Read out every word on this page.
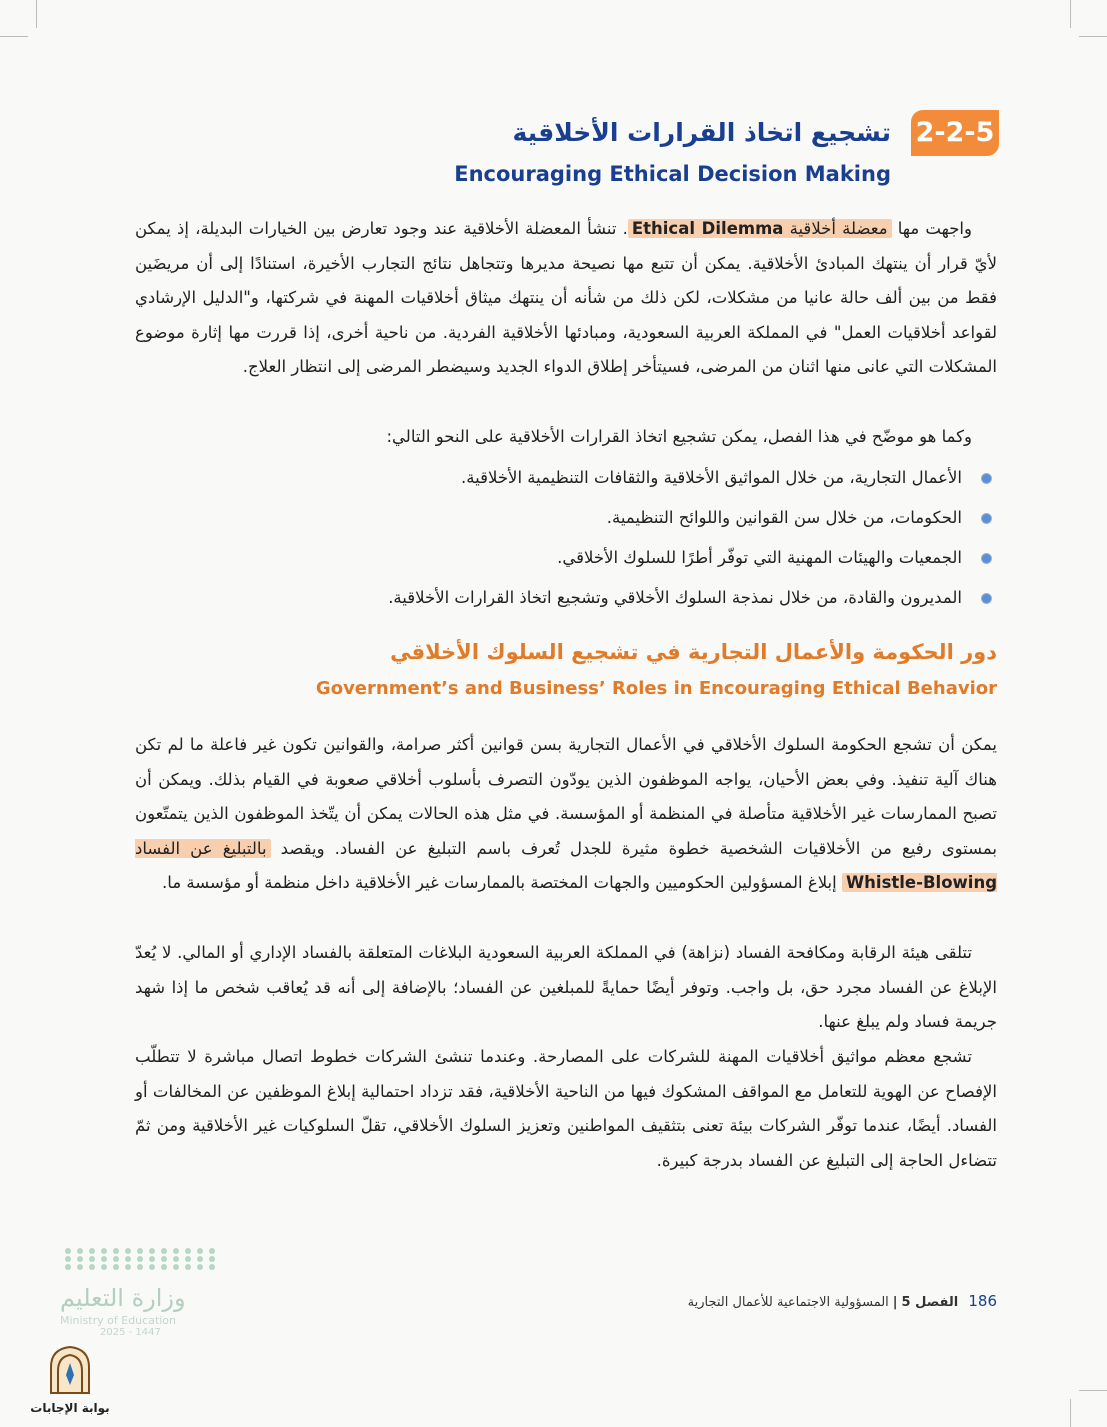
2-2-5
تشجيع اتخاذ القرارات الأخلاقية
Encouraging Ethical Decision Making

واجهت مها معضلة أخلاقية Ethical Dilemma. تنشأ المعضلة الأخلاقية عند وجود تعارض بين الخيارات البديلة، إذ يمكن لأيّ قرار أن ينتهك المبادئ الأخلاقية. يمكن أن تتبع مها نصيحة مديرها وتتجاهل نتائج التجارب الأخيرة، استنادًا إلى أن مريضَين فقط من بين ألف حالة عانيا من مشكلات، لكن ذلك من شأنه أن ينتهك ميثاق أخلاقيات المهنة في شركتها، و"الدليل الإرشادي لقواعد أخلاقيات العمل" في المملكة العربية السعودية، ومبادئها الأخلاقية الفردية. من ناحية أخرى، إذا قررت مها إثارة موضوع المشكلات التي عانى منها اثنان من المرضى، فسيتأخر إطلاق الدواء الجديد وسيضطر المرضى إلى انتظار العلاج.

وكما هو موضّح في هذا الفصل، يمكن تشجيع اتخاذ القرارات الأخلاقية على النحو التالي:

الأعمال التجارية، من خلال المواثيق الأخلاقية والثقافات التنظيمية الأخلاقية.
الحكومات، من خلال سن القوانين واللوائح التنظيمية.
الجمعيات والهيئات المهنية التي توفّر أطرًا للسلوك الأخلاقي.
المديرون والقادة، من خلال نمذجة السلوك الأخلاقي وتشجيع اتخاذ القرارات الأخلاقية.
دور الحكومة والأعمال التجارية في تشجيع السلوك الأخلاقي
Government’s and Business’ Roles in Encouraging Ethical Behavior

يمكن أن تشجع الحكومة السلوك الأخلاقي في الأعمال التجارية بسن قوانين أكثر صرامة، والقوانين تكون غير فاعلة ما لم تكن هناك آلية تنفيذ. وفي بعض الأحيان، يواجه الموظفون الذين يودّون التصرف بأسلوب أخلاقي صعوبة في القيام بذلك. ويمكن أن تصبح الممارسات غير الأخلاقية متأصلة في المنظمة أو المؤسسة. في مثل هذه الحالات يمكن أن يتّخذ الموظفون الذين يتمتّعون بمستوى رفيع من الأخلاقيات الشخصية خطوة مثيرة للجدل تُعرف باسم التبليغ عن الفساد. ويقصد بالتبليغ عن الفساد Whistle-Blowing إبلاغ المسؤولين الحكوميين والجهات المختصة بالممارسات غير الأخلاقية داخل منظمة أو مؤسسة ما.

تتلقى هيئة الرقابة ومكافحة الفساد (نزاهة) في المملكة العربية السعودية البلاغات المتعلقة بالفساد الإداري أو المالي. لا يُعدّ الإبلاغ عن الفساد مجرد حق، بل واجب. وتوفر أيضًا حمايةً للمبلغين عن الفساد؛ بالإضافة إلى أنه قد يُعاقب شخص ما إذا شهد جريمة فساد ولم يبلغ عنها.

تشجع معظم مواثيق أخلاقيات المهنة للشركات على المصارحة. وعندما تنشئ الشركات خطوط اتصال مباشرة لا تتطلّب الإفصاح عن الهوية للتعامل مع المواقف المشكوك فيها من الناحية الأخلاقية، فقد تزداد احتمالية إبلاغ الموظفين عن المخالفات أو الفساد. أيضًا، عندما توفّر الشركات بيئة تعنى بتثقيف المواطنين وتعزيز السلوك الأخلاقي، تقلّ السلوكيات غير الأخلاقية ومن ثمّ تتضاءل الحاجة إلى التبليغ عن الفساد بدرجة كبيرة.

186 الفصل 5|المسؤولية الاجتماعية للأعمال التجارية
وزارة التعليم
Ministry of Education
2025 - 1447
بوابة الإجابات
